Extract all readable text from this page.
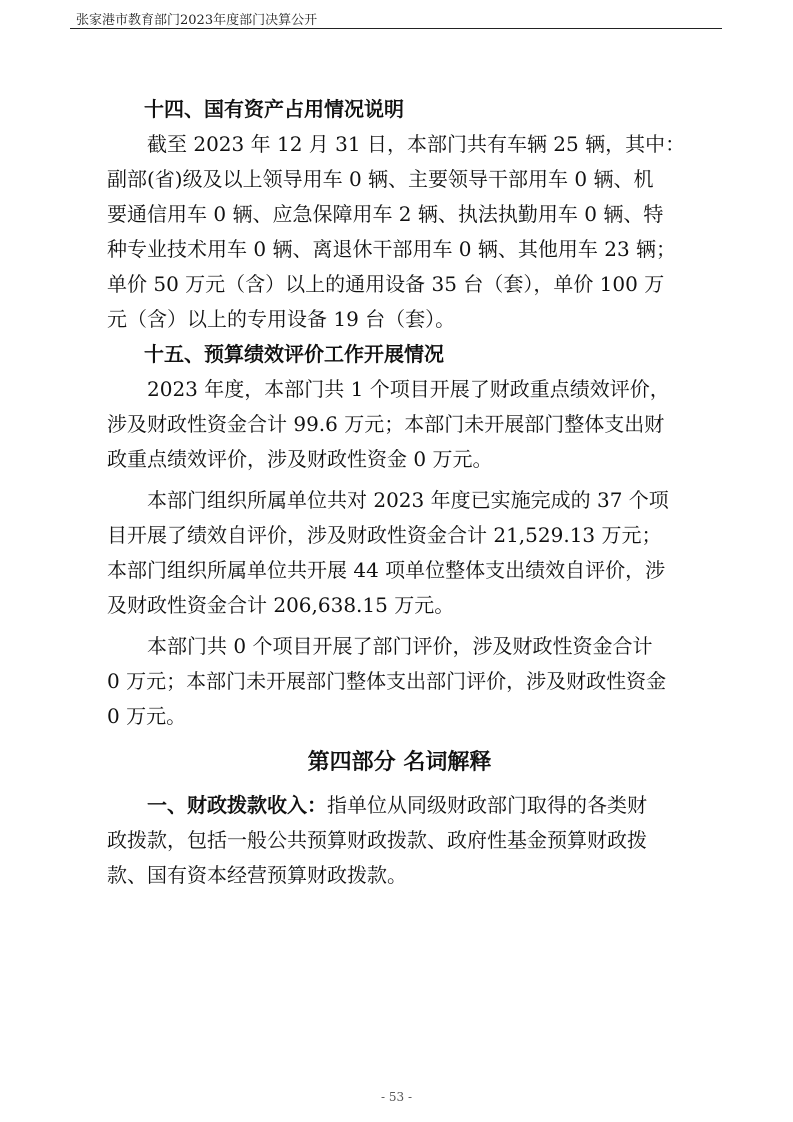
张家港市教育部门2023年度部门决算公开

十四、国有资产占用情况说明

截至 2023 年 12 月 31 日，本部门共有车辆 25 辆，其中：
副部(省)级及以上领导用车 0 辆、主要领导干部用车 0 辆、机
要通信用车 0 辆、应急保障用车 2 辆、执法执勤用车 0 辆、特
种专业技术用车 0 辆、离退休干部用车 0 辆、其他用车 23 辆；
单价 50 万元（含）以上的通用设备 35 台（套），单价 100 万
元（含）以上的专用设备 19 台（套）。

十五、预算绩效评价工作开展情况

2023 年度，本部门共 1 个项目开展了财政重点绩效评价，
涉及财政性资金合计 99.6 万元；本部门未开展部门整体支出财
政重点绩效评价，涉及财政性资金 0 万元。

本部门组织所属单位共对 2023 年度已实施完成的 37 个项
目开展了绩效自评价，涉及财政性资金合计 21,529.13 万元；
本部门组织所属单位共开展 44 项单位整体支出绩效自评价，涉
及财政性资金合计 206,638.15 万元。

本部门共 0 个项目开展了部门评价，涉及财政性资金合计
0 万元；本部门未开展部门整体支出部门评价，涉及财政性资金
0 万元。

第四部分 名词解释

一、财政拨款收入：指单位从同级财政部门取得的各类财
政拨款，包括一般公共预算财政拨款、政府性基金预算财政拨
款、国有资本经营预算财政拨款。

- 53 -
